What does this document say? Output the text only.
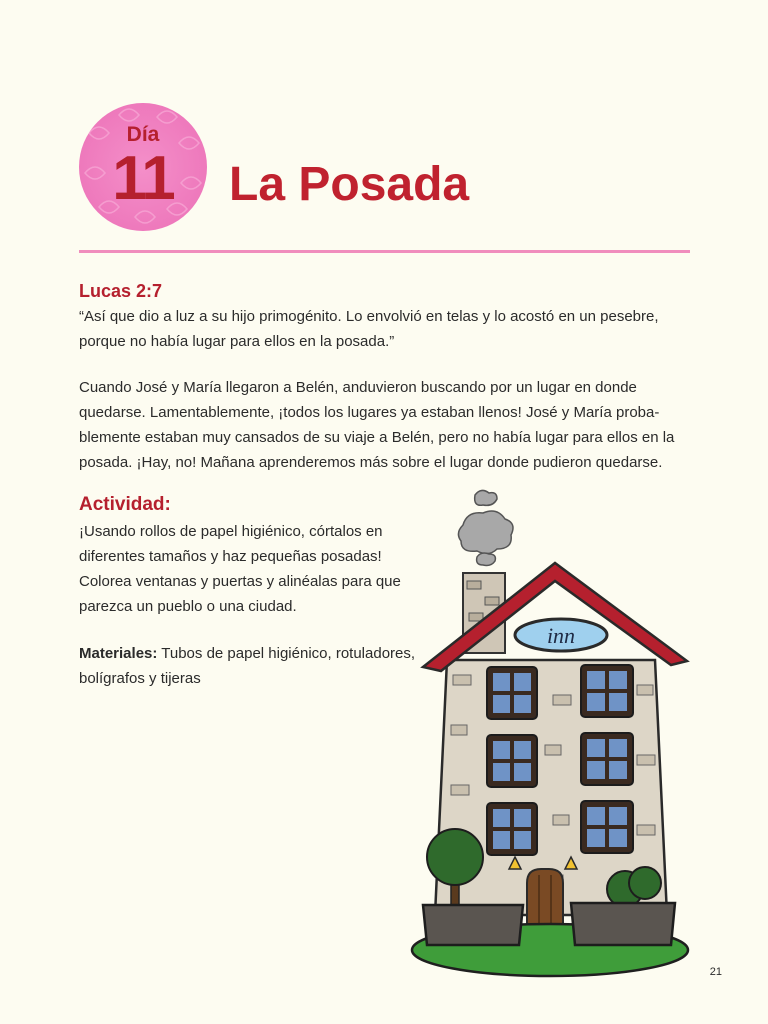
Día
11	La Posada
Lucas 2:7

“Así que dio a luz a su hijo primogénito. Lo envolvió en telas y lo acostó en un pesebre, porque no había lugar para ellos en la posada.”

Cuando José y María llegaron a Belén, anduvieron buscando por un lugar en donde quedarse. Lamentablemente, ¡todos los lugares ya estaban llenos! José y María proba- blemente estaban muy cansados de su viaje a Belén, pero no había lugar para ellos en la posada. ¡Hay, no! Mañana aprenderemos más sobre el lugar donde pudieron quedarse.

Actividad:

¡Usando rollos de papel higiénico, córtalos en diferentes tamaños y haz pequeñas posadas! Colorea ventanas y puertas y alinéalas para que parezca un pueblo o una ciudad.

Materiales: Tubos de papel higiénico, rotuladores, bolígrafos y tijeras

inn
21
